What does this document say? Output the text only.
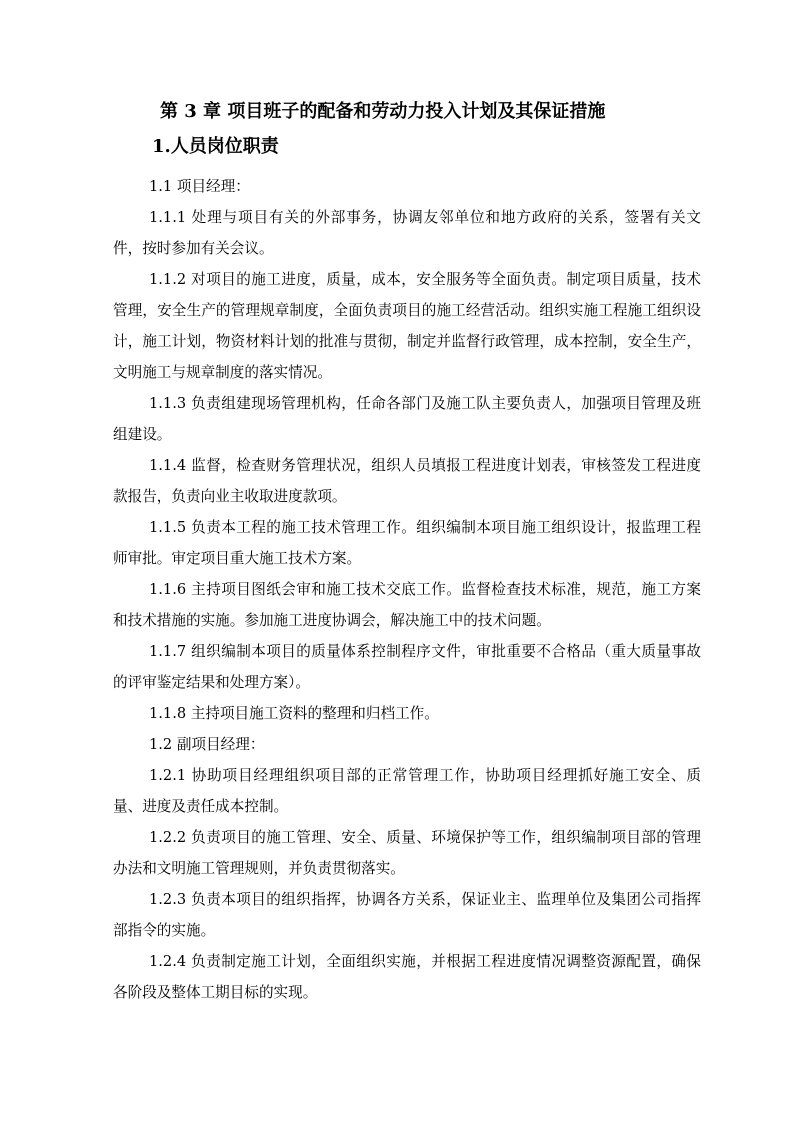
第 3 章 项目班子的配备和劳动力投入计划及其保证措施
1.人员岗位职责

1.1 项目经理：

1.1.1 处理与项目有关的外部事务，协调友邻单位和地方政府的关系，签署有关文件，按时参加有关会议。

1.1.2 对项目的施工进度，质量，成本，安全服务等全面负责。制定项目质量，技术管理，安全生产的管理规章制度，全面负责项目的施工经营活动。组织实施工程施工组织设计，施工计划，物资材料计划的批准与贯彻，制定并监督行政管理，成本控制，安全生产，文明施工与规章制度的落实情况。

1.1.3 负责组建现场管理机构，任命各部门及施工队主要负责人，加强项目管理及班组建设。

1.1.4 监督，检查财务管理状况，组织人员填报工程进度计划表，审核签发工程进度款报告，负责向业主收取进度款项。

1.1.5 负责本工程的施工技术管理工作。组织编制本项目施工组织设计，报监理工程师审批。审定项目重大施工技术方案。

1.1.6 主持项目图纸会审和施工技术交底工作。监督检查技术标准，规范，施工方案和技术措施的实施。参加施工进度协调会，解决施工中的技术问题。

1.1.7 组织编制本项目的质量体系控制程序文件，审批重要不合格品（重大质量事故的评审鉴定结果和处理方案）。

1.1.8 主持项目施工资料的整理和归档工作。

1.2 副项目经理：

1.2.1 协助项目经理组织项目部的正常管理工作，协助项目经理抓好施工安全、质量、进度及责任成本控制。

1.2.2 负责项目的施工管理、安全、质量、环境保护等工作，组织编制项目部的管理办法和文明施工管理规则，并负责贯彻落实。

1.2.3 负责本项目的组织指挥，协调各方关系，保证业主、监理单位及集团公司指挥部指令的实施。

1.2.4 负责制定施工计划，全面组织实施，并根据工程进度情况调整资源配置，确保各阶段及整体工期目标的实现。
